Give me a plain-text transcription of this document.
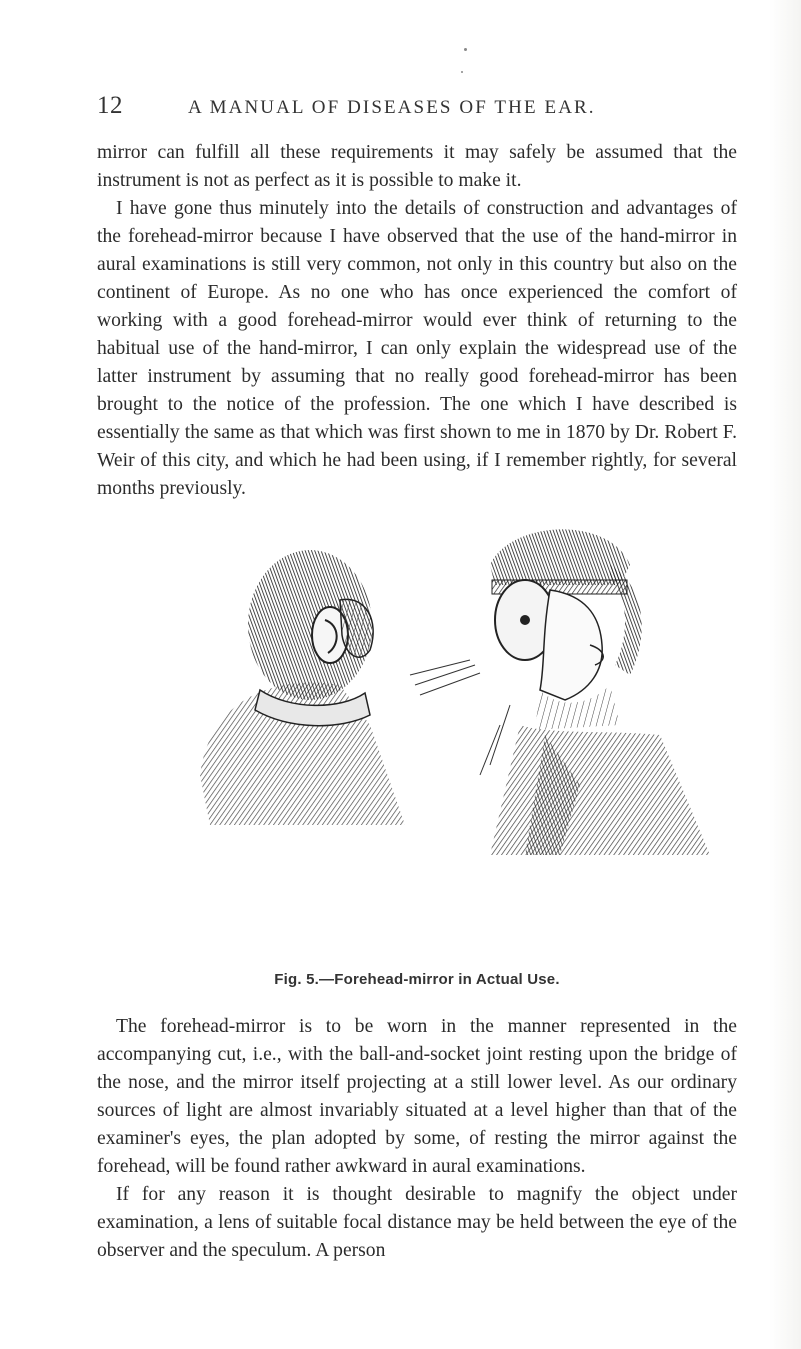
12	A MANUAL OF DISEASES OF THE EAR.

mirror can fulfill all these requirements it may safely be assumed that the instrument is not as perfect as it is possible to make it.

I have gone thus minutely into the details of construction and advantages of the forehead-mirror because I have observed that the use of the hand-mirror in aural examinations is still very common, not only in this country but also on the continent of Europe. As no one who has once experienced the comfort of working with a good forehead-mirror would ever think of returning to the habitual use of the hand-mirror, I can only explain the widespread use of the latter instrument by assuming that no really good forehead-mirror has been brought to the notice of the profession. The one which I have described is essentially the same as that which was first shown to me in 1870 by Dr. Robert F. Weir of this city, and which he had been using, if I remember rightly, for several months previously.

Fig. 5.—Forehead-mirror in Actual Use.

The forehead-mirror is to be worn in the manner represented in the accompanying cut, i.e., with the ball-and-socket joint resting upon the bridge of the nose, and the mirror itself projecting at a still lower level. As our ordinary sources of light are almost invariably situated at a level higher than that of the examiner's eyes, the plan adopted by some, of resting the mirror against the forehead, will be found rather awkward in aural examinations.

If for any reason it is thought desirable to magnify the object under examination, a lens of suitable focal distance may be held between the eye of the observer and the speculum. A person
